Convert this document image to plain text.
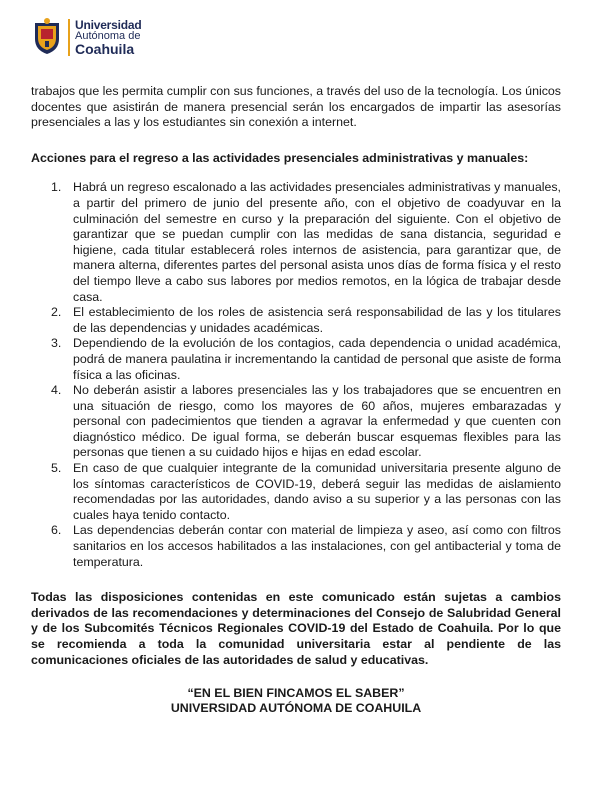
Universidad
Autónoma de
Coahuila

trabajos que les permita cumplir con sus funciones, a través del uso de la tecnología. Los únicos docentes que asistirán de manera presencial serán los encargados de impartir las asesorías presenciales a las y los estudiantes sin conexión a internet.

Acciones para el regreso a las actividades presenciales administrativas y manuales:
1. Habrá un regreso escalonado a las actividades presenciales administrativas y manuales, a partir del primero de junio del presente año, con el objetivo de coadyuvar en la culminación del semestre en curso y la preparación del siguiente. Con el objetivo de garantizar que se puedan cumplir con las medidas de sana distancia, seguridad e higiene, cada titular establecerá roles internos de asistencia, para garantizar que, de manera alterna, diferentes partes del personal asista unos días de forma física y el resto del tiempo lleve a cabo sus labores por medios remotos, en la lógica de trabajar desde casa.
2. El establecimiento de los roles de asistencia será responsabilidad de las y los titulares de las dependencias y unidades académicas.
3. Dependiendo de la evolución de los contagios, cada dependencia o unidad académica, podrá de manera paulatina ir incrementando la cantidad de personal que asiste de forma física a las oficinas.
4. No deberán asistir a labores presenciales las y los trabajadores que se encuentren en una situación de riesgo, como los mayores de 60 años, mujeres embarazadas y personal con padecimientos que tienden a agravar la enfermedad y que cuenten con diagnóstico médico. De igual forma, se deberán buscar esquemas flexibles para las personas que tienen a su cuidado hijos e hijas en edad escolar.
5. En caso de que cualquier integrante de la comunidad universitaria presente alguno de los síntomas característicos de COVID-19, deberá seguir las medidas de aislamiento recomendadas por las autoridades, dando aviso a su superior y a las personas con las cuales haya tenido contacto.
6. Las dependencias deberán contar con material de limpieza y aseo, así como con filtros sanitarios en los accesos habilitados a las instalaciones, con gel antibacterial y toma de temperatura.

Todas las disposiciones contenidas en este comunicado están sujetas a cambios derivados de las recomendaciones y determinaciones del Consejo de Salubridad General y de los Subcomités Técnicos Regionales COVID-19 del Estado de Coahuila. Por lo que se recomienda a toda la comunidad universitaria estar al pendiente de las comunicaciones oficiales de las autoridades de salud y educativas.

“EN EL BIEN FINCAMOS EL SABER”
UNIVERSIDAD AUTÓNOMA DE COAHUILA
